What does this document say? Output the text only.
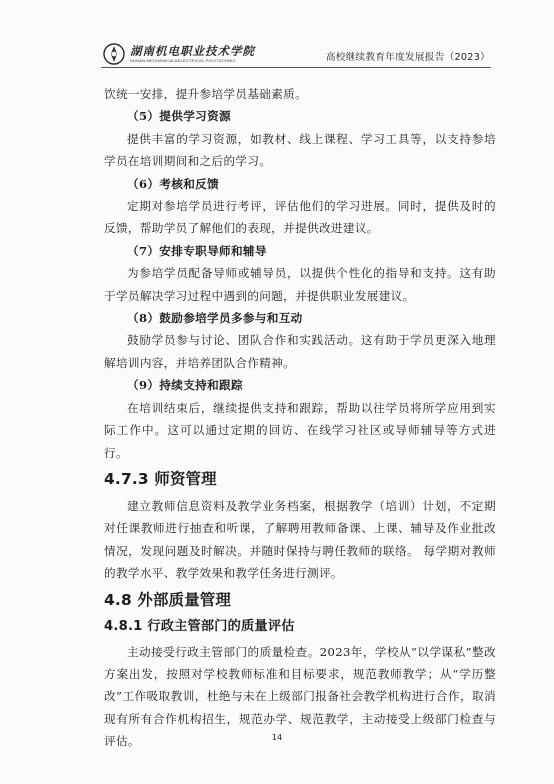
湖南机电职业技术学院
HUNAN MECHANICAL&ELECTRICAL POLYTECHNIC	高校继续教育年度发展报告（2023）

饮统一安排，提升参培学员基础素质。

（5）提供学习资源

提供丰富的学习资源，如教材、线上课程、学习工具等，以支持参培学员在培训期间和之后的学习。

（6）考核和反馈

定期对参培学员进行考评，评估他们的学习进展。同时，提供及时的反馈，帮助学员了解他们的表现，并提供改进建议。

（7）安排专职导师和辅导

为参培学员配备导师或辅导员，以提供个性化的指导和支持。这有助于学员解决学习过程中遇到的问题，并提供职业发展建议。

（8）鼓励参培学员多参与和互动

鼓励学员参与讨论、团队合作和实践活动。这有助于学员更深入地理解培训内容，并培养团队合作精神。

（9）持续支持和跟踪

在培训结束后，继续提供支持和跟踪，帮助以往学员将所学应用到实际工作中。这可以通过定期的回访、在线学习社区或导师辅导等方式进行。

4.7.3 师资管理

建立教师信息资料及教学业务档案，根据教学（培训）计划，不定期对任课教师进行抽查和听课，了解聘用教师备课、上课、辅导及作业批改情况，发现问题及时解决。并随时保持与聘任教师的联络。 每学期对教师的教学水平、教学效果和教学任务进行测评。

4.8 外部质量管理
4.8.1 行政主管部门的质量评估

主动接受行政主管部门的质量检查。2023年，学校从“以学谋私”整改方案出发，按照对学校教师标准和目标要求，规范教师教学；从“学历整改”工作吸取教训，杜绝与未在上级部门报备社会教学机构进行合作，取消现有所有合作机构招生，规范办学、规范教学，主动接受上级部门检查与评估。	14
